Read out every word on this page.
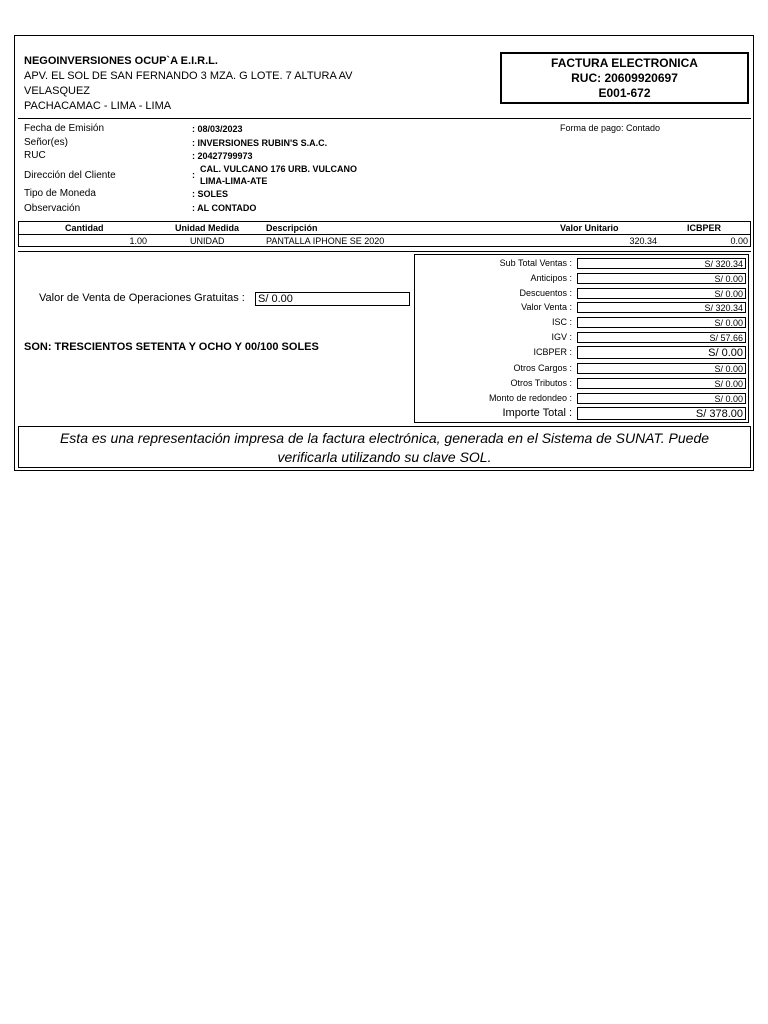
NEGOINVERSIONES OCUP`A E.I.R.L.
APV. EL SOL DE SAN FERNANDO 3 MZA. G LOTE. 7 ALTURA AV
VELASQUEZ
PACHACAMAC - LIMA - LIMA
FACTURA ELECTRONICA
RUC: 20609920697
E001-672
Fecha de Emisión	: 08/03/2023	Forma de pago: Contado
Señor(es)	: INVERSIONES RUBIN'S S.A.C.
RUC	: 20427799973
Dirección del Cliente	:
CAL. VULCANO 176 URB. VULCANO
LIMA-LIMA-ATE
Tipo de Moneda	: SOLES
Observación	: AL CONTADO
Cantidad	Unidad Medida	Descripción	Valor Unitario	ICBPER
1.00	UNIDAD	PANTALLA IPHONE SE 2020	320.34	0.00
Valor de Venta de Operaciones Gratuitas : S/ 0.00
SON: TRESCIENTOS SETENTA Y OCHO Y 00/100 SOLES
Sub Total Ventas :	S/ 320.34
Anticipos :	S/ 0.00
Descuentos :	S/ 0.00
Valor Venta :	S/ 320.34
ISC :	S/ 0.00
IGV :	S/ 57.66
ICBPER :	S/ 0.00
Otros Cargos :	S/ 0.00
Otros Tributos :	S/ 0.00
Monto de redondeo :	S/ 0.00
Importe Total :	S/ 378.00
Esta es una representación impresa de la factura electrónica, generada en el Sistema de SUNAT. Puede verificarla utilizando su clave SOL.
